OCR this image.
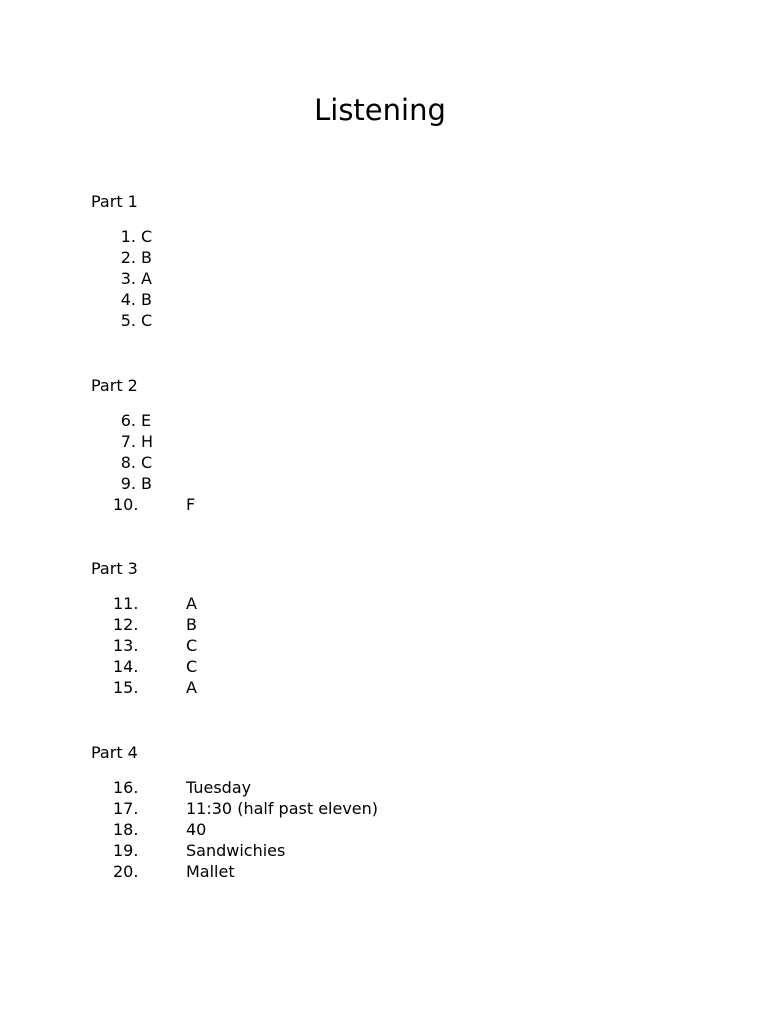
Listening
Part 1
1. C
2. B
3. A
4. B
5. C
Part 2
6. E
7. H
8. C
9. B
10.	F
Part 3
11.	A
12.	B
13.	C
14.	C
15.	A
Part 4
16.	Tuesday
17.	11:30 (half past eleven)
18.	40
19.	Sandwichies
20.	Mallet
